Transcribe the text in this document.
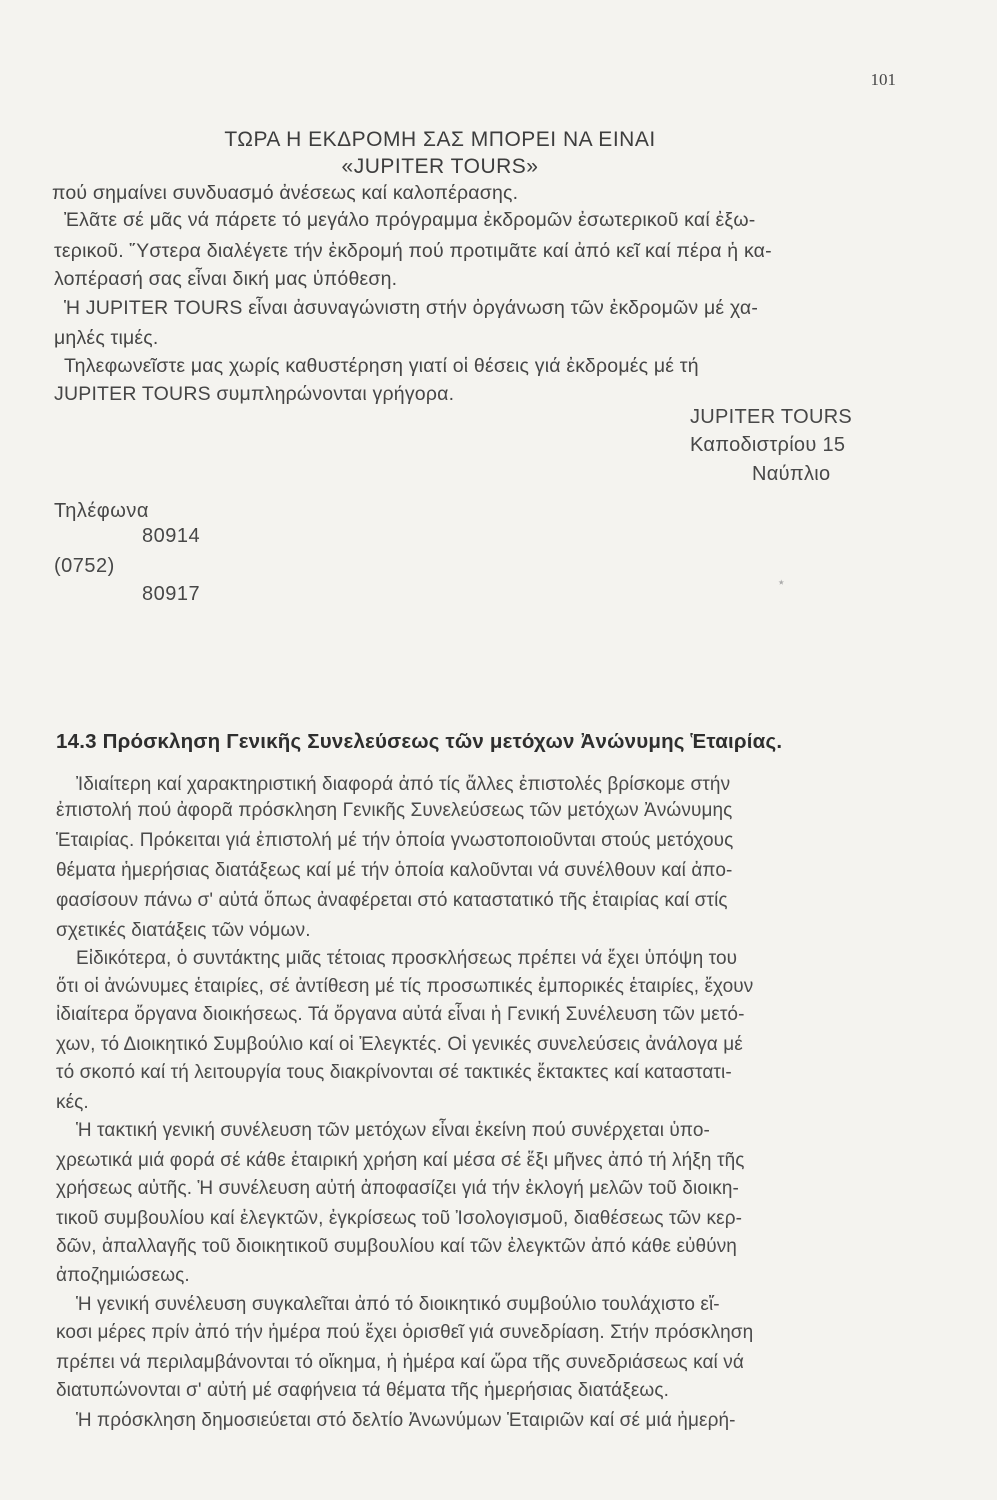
101
ΤΩΡΑ Η ΕΚΔΡΟΜΗ ΣΑΣ ΜΠΟΡΕΙ ΝΑ ΕΙΝΑΙ
«JUPITER TOURS»
πού σημαίνει συνδυασμό ἀνέσεως καί καλοπέρασης.
Ἐλᾶτε σέ μᾶς νά πάρετε τό μεγάλο πρόγραμμα ἐκδρομῶν ἐσωτερικοῦ καί ἐξω-
τερικοῦ. Ὕστερα διαλέγετε τήν ἐκδρομή πού προτιμᾶτε καί ἀπό κεῖ καί πέρα ἡ κα-
λοπέρασή σας εἶναι δική μας ὑπόθεση.
Ἡ JUPITER TOURS εἶναι ἀσυναγώνιστη στήν ὀργάνωση τῶν ἐκδρομῶν μέ χα-
μηλές τιμές.
Τηλεφωνεῖστε μας χωρίς καθυστέρηση γιατί οἱ θέσεις γιά ἐκδρομές μέ τή
JUPITER TOURS συμπληρώνονται γρήγορα.
JUPITER TOURS
Καποδιστρίου 15
Ναύπλιο
Τηλέφωνα
80914
(0752)
80917
٭
14.3 Πρόσκληση Γενικῆς Συνελεύσεως τῶν μετόχων Ἀνώνυμης Ἑταιρίας.
Ἰδιαίτερη καί χαρακτηριστική διαφορά ἀπό τίς ἄλλες ἐπιστολές βρίσκομε στήν
ἐπιστολή πού ἀφορᾶ πρόσκληση Γενικῆς Συνελεύσεως τῶν μετόχων Ἀνώνυμης
Ἑταιρίας. Πρόκειται γιά ἐπιστολή μέ τήν ὁποία γνωστοποιοῦνται στούς μετόχους
θέματα ἡμερήσιας διατάξεως καί μέ τήν ὁποία καλοῦνται νά συνέλθουν καί ἀπο-
φασίσουν πάνω σ' αὐτά ὅπως ἀναφέρεται στό καταστατικό τῆς ἑταιρίας καί στίς
σχετικές διατάξεις τῶν νόμων.
Εἰδικότερα, ὁ συντάκτης μιᾶς τέτοιας προσκλήσεως πρέπει νά ἔχει ὑπόψη του
ὅτι οἱ ἀνώνυμες ἑταιρίες, σέ ἀντίθεση μέ τίς προσωπικές ἐμπορικές ἑταιρίες, ἔχουν
ἰδιαίτερα ὄργανα διοικήσεως. Τά ὄργανα αὐτά εἶναι ἡ Γενική Συνέλευση τῶν μετό-
χων, τό Διοικητικό Συμβούλιο καί οἱ Ἐλεγκτές. Οἱ γενικές συνελεύσεις ἀνάλογα μέ
τό σκοπό καί τή λειτουργία τους διακρίνονται σέ τακτικές ἔκτακτες καί καταστατι-
κές.
Ἡ τακτική γενική συνέλευση τῶν μετόχων εἶναι ἐκείνη πού συνέρχεται ὑπο-
χρεωτικά μιά φορά σέ κάθε ἑταιρική χρήση καί μέσα σέ ἕξι μῆνες ἀπό τή λήξη τῆς
χρήσεως αὐτῆς. Ἡ συνέλευση αὐτή ἀποφασίζει γιά τήν ἐκλογή μελῶν τοῦ διοικη-
τικοῦ συμβουλίου καί ἐλεγκτῶν, ἐγκρίσεως τοῦ Ἰσολογισμοῦ, διαθέσεως τῶν κερ-
δῶν, ἀπαλλαγῆς τοῦ διοικητικοῦ συμβουλίου καί τῶν ἐλεγκτῶν ἀπό κάθε εὐθύνη
ἀποζημιώσεως.
Ἡ γενική συνέλευση συγκαλεῖται ἀπό τό διοικητικό συμβούλιο τουλάχιστο εἴ-
κοσι μέρες πρίν ἀπό τήν ἡμέρα πού ἔχει ὁρισθεῖ γιά συνεδρίαση. Στήν πρόσκληση
πρέπει νά περιλαμβάνονται τό οἴκημα, ἡ ἡμέρα καί ὥρα τῆς συνεδριάσεως καί νά
διατυπώνονται σ' αὐτή μέ σαφήνεια τά θέματα τῆς ἡμερήσιας διατάξεως.
Ἡ πρόσκληση δημοσιεύεται στό δελτίο Ἀνωνύμων Ἑταιριῶν καί σέ μιά ἡμερή-
